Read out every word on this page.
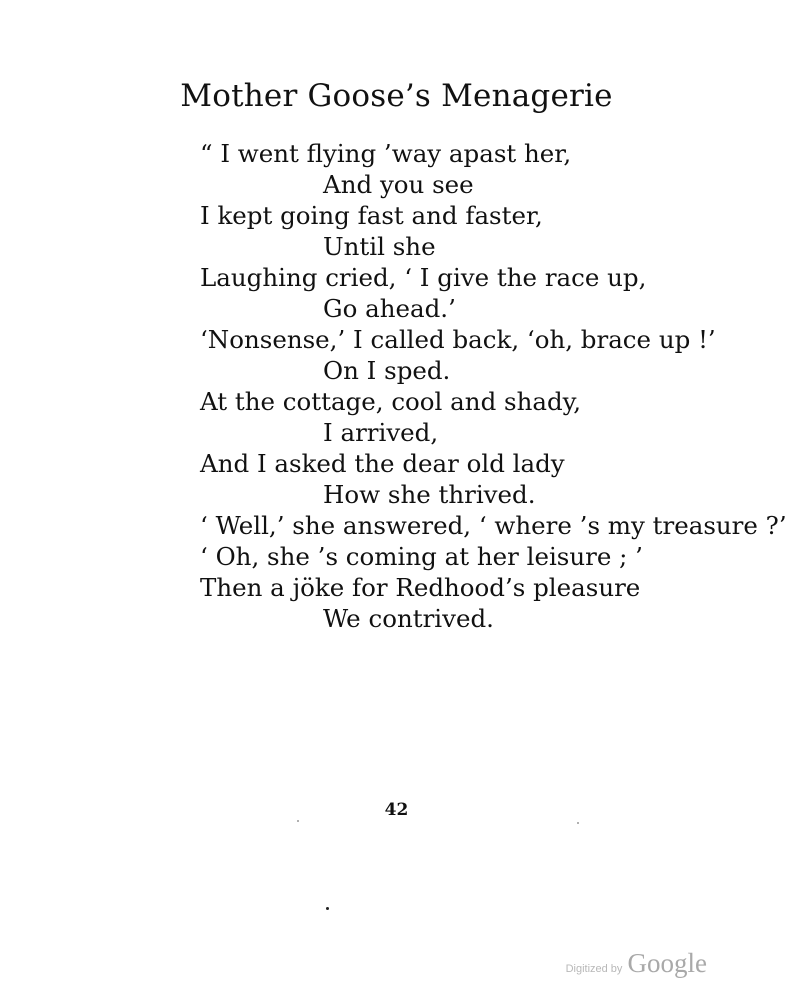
Mother Goose’s Menagerie
“ I went flying ’way apast her,
And you see
I kept going fast and faster,
Until she
Laughing cried, ‘ I give the race up,
Go ahead.’
‘Nonsense,’ I called back, ‘oh, brace up !’
On I sped.
At the cottage, cool and shady,
I arrived,
And I asked the dear old lady
How she thrived.
‘ Well,’ she answered, ‘ where ’s my treasure ?’
‘ Oh, she ’s coming at her leisure ; ’
Then a jöke for Redhood’s pleasure
We contrived.
42
Digitized by Google
